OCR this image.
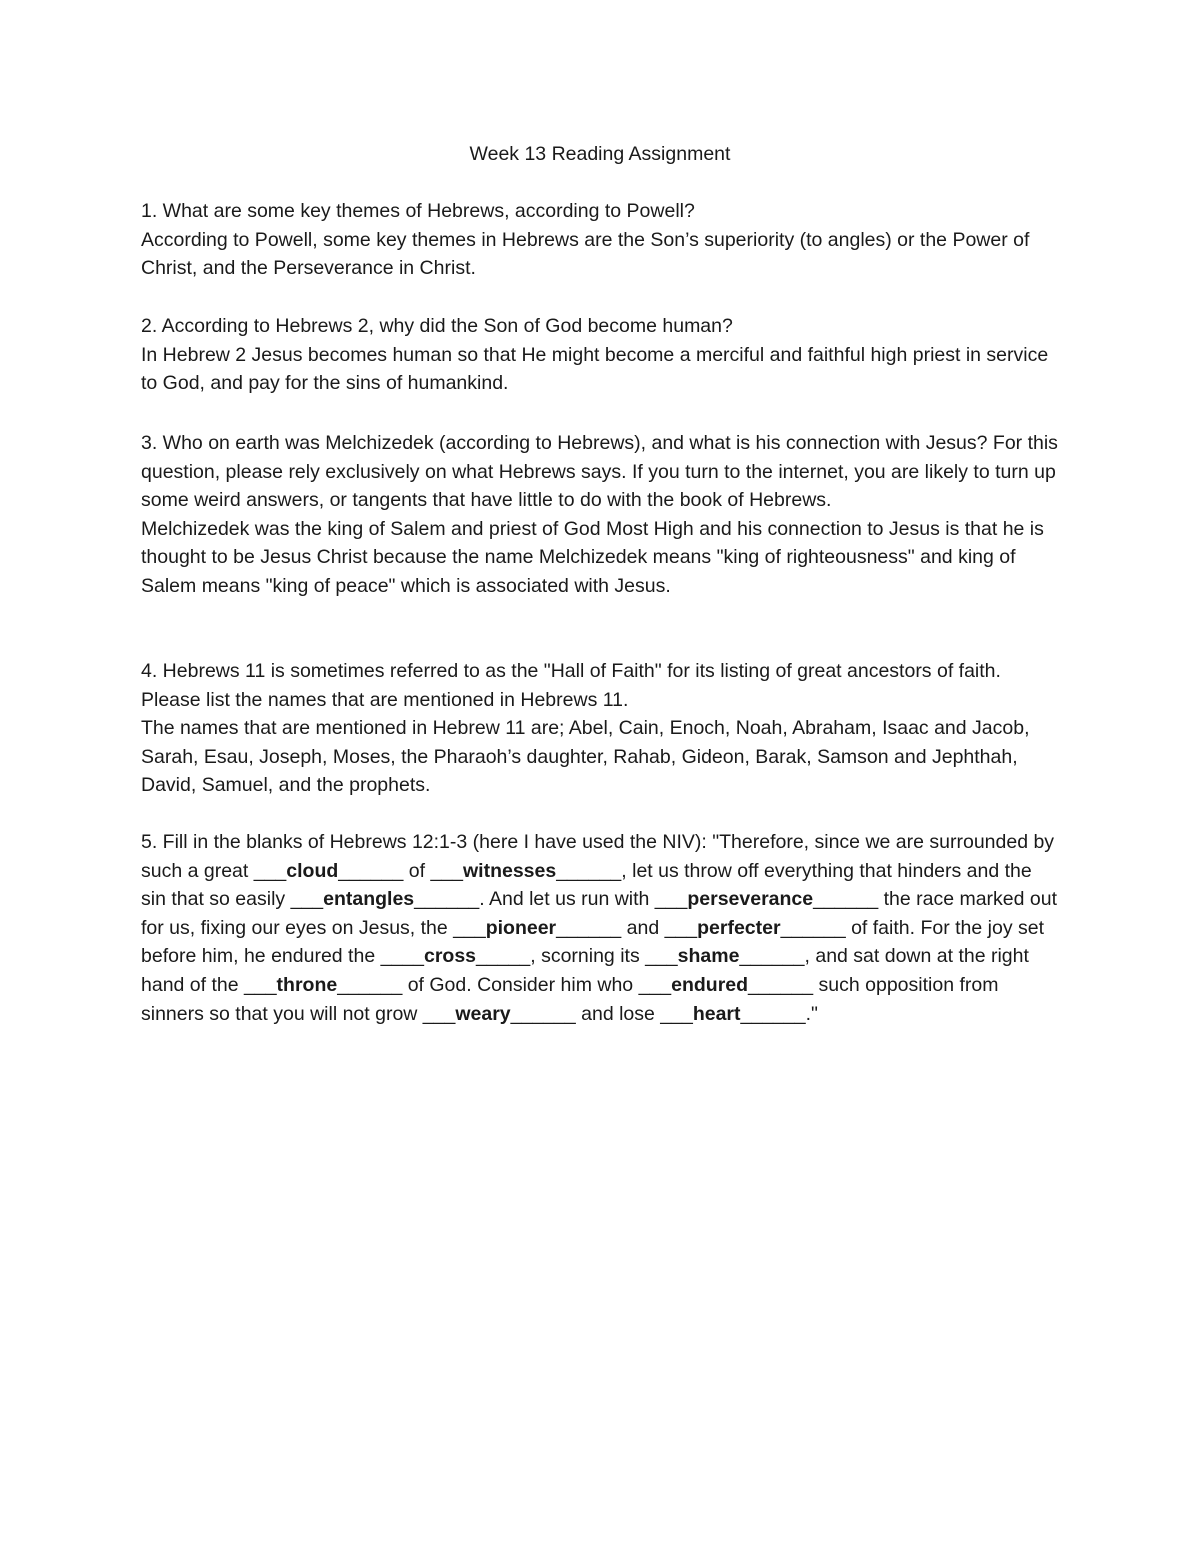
Week 13 Reading Assignment

1. What are some key themes of Hebrews, according to Powell?

According to Powell, some key themes in Hebrews are the Son’s superiority (to angles) or the Power of Christ, and the Perseverance in Christ.

2. According to Hebrews 2, why did the Son of God become human?

In Hebrew 2 Jesus becomes human so that He might become a merciful and faithful high priest in service to God, and pay for the sins of humankind.

3. Who on earth was Melchizedek (according to Hebrews), and what is his connection with Jesus? For this question, please rely exclusively on what Hebrews says. If you turn to the internet, you are likely to turn up some weird answers, or tangents that have little to do with the book of Hebrews.

Melchizedek was the king of Salem and priest of God Most High and his connection to Jesus is that he is thought to be Jesus Christ because the name Melchizedek means "king of righteousness" and king of Salem means "king of peace" which is associated with Jesus.

4. Hebrews 11 is sometimes referred to as the "Hall of Faith" for its listing of great ancestors of faith. Please list the names that are mentioned in Hebrews 11.

The names that are mentioned in Hebrew 11 are; Abel, Cain, Enoch, Noah, Abraham, Isaac and Jacob, Sarah, Esau, Joseph, Moses, the Pharaoh’s daughter, Rahab, Gideon, Barak, Samson and Jephthah, David, Samuel, and the prophets.

5. Fill in the blanks of Hebrews 12:1-3 (here I have used the NIV): "Therefore, since we are surrounded by such a great ___cloud______ of ___witnesses______, let us throw off everything that hinders and the sin that so easily ___entangles______. And let us run with ___perseverance______ the race marked out for us, fixing our eyes on Jesus, the ___pioneer______ and ___perfecter______ of faith. For the joy set before him, he endured the ____cross_____, scorning its ___shame______, and sat down at the right hand of the ___throne______ of God. Consider him who ___endured______ such opposition from sinners so that you will not grow ___weary______ and lose ___heart______."
